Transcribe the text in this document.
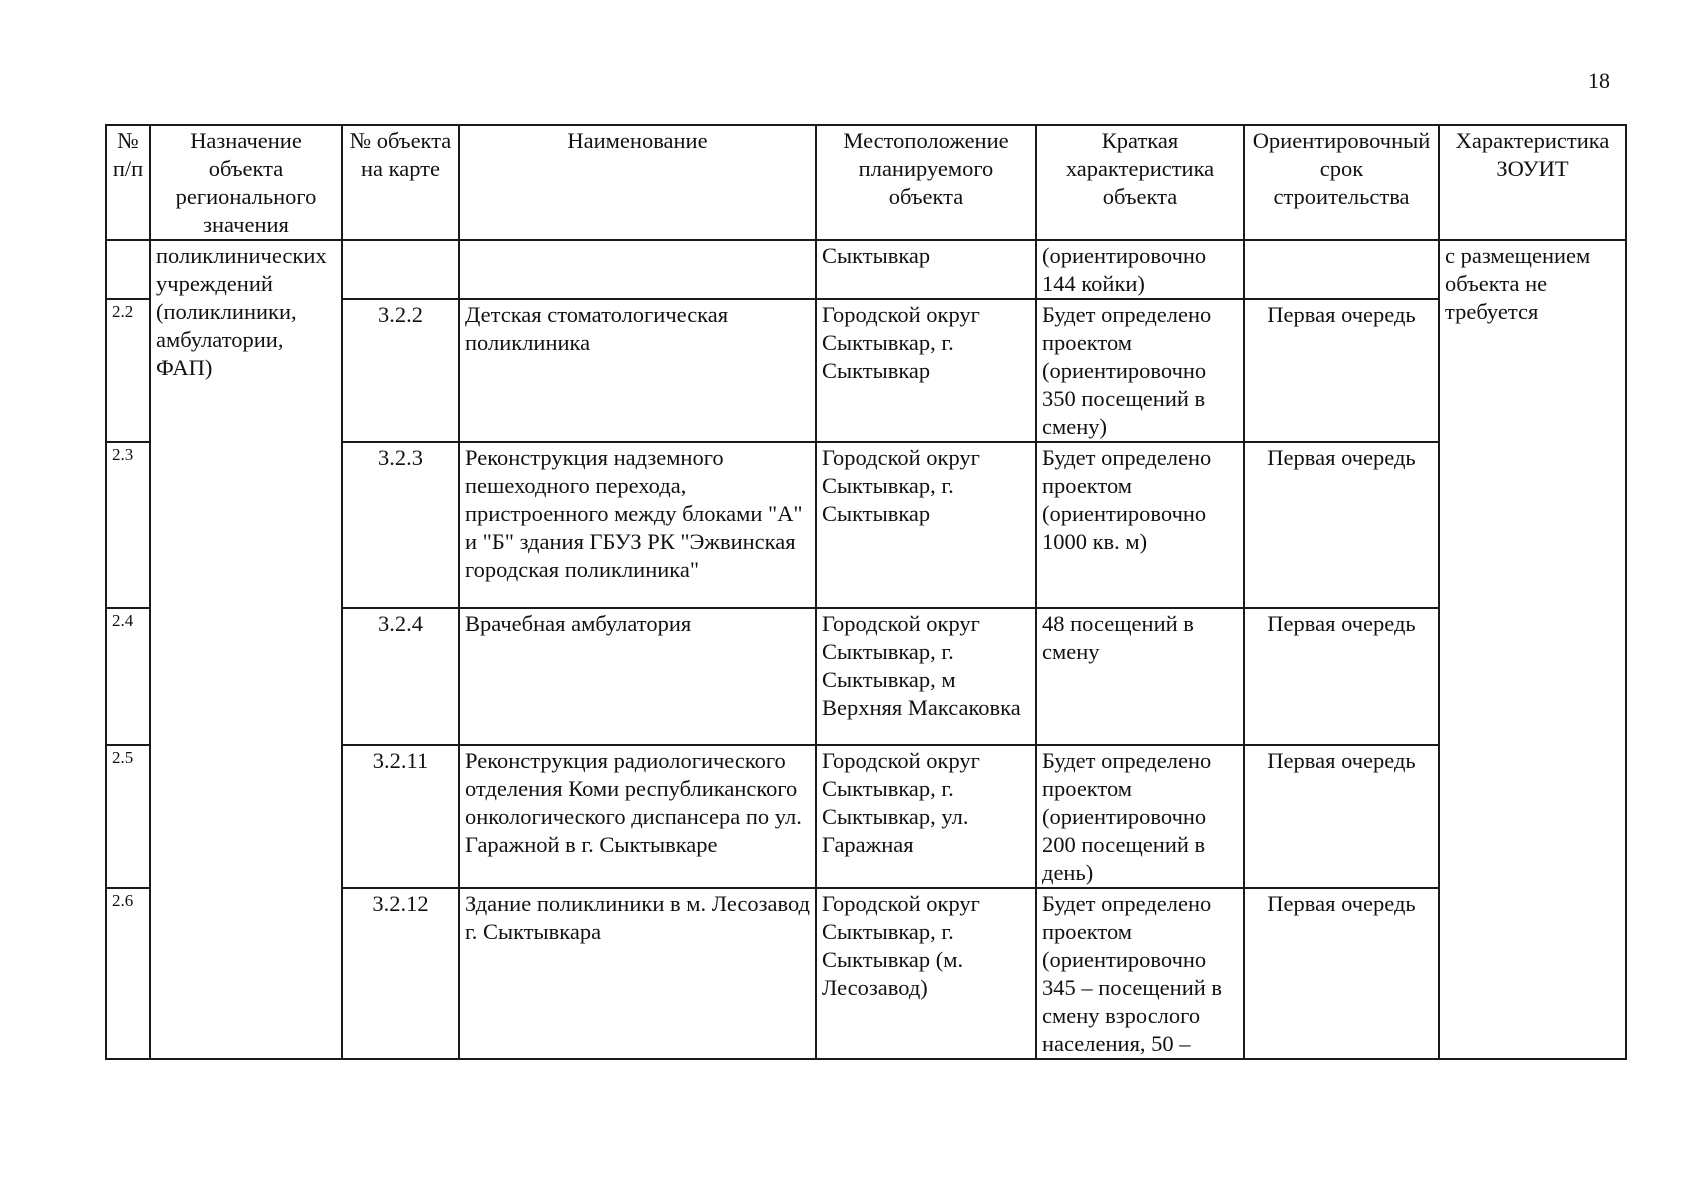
18
№ п/п	Назначение объекта регионального значения	№ объекта на карте	Наименование	Местоположение планируемого объекта	Краткая характеристика объекта	Ориентировочный срок строительства	Характеристика ЗОУИТ
	поликлинических учреждений (поликлиники, амбулатории, ФАП)			Сыктывкар	(ориентировочно 144 койки)		с размещением объекта не требуется
2.2		3.2.2	Детская стоматологическая поликлиника	Городской округ Сыктывкар, г. Сыктывкар	Будет определено проектом (ориентировочно 350 посещений в смену)	Первая очередь	
2.3		3.2.3	Реконструкция надземного пешеходного перехода, пристроенного между блоками "А" и "Б" здания ГБУЗ РК "Эжвинская городская поликлиника"	Городской округ Сыктывкар, г. Сыктывкар	Будет определено проектом (ориентировочно 1000 кв. м)	Первая очередь	
2.4		3.2.4	Врачебная амбулатория	Городской округ Сыктывкар, г. Сыктывкар, м Верхняя Максаковка	48 посещений в смену	Первая очередь	
2.5		3.2.11	Реконструкция радиологического отделения Коми республиканского онкологического диспансера по ул. Гаражной в г. Сыктывкаре	Городской округ Сыктывкар, г. Сыктывкар, ул. Гаражная	Будет определено проектом (ориентировочно 200 посещений в день)	Первая очередь	
2.6		3.2.12	Здание поликлиники в м. Лесозавод г. Сыктывкара	Городской округ Сыктывкар, г. Сыктывкар (м. Лесозавод)	Будет определено проектом (ориентировочно 345 – посещений в смену взрослого населения, 50 –	Первая очередь	
